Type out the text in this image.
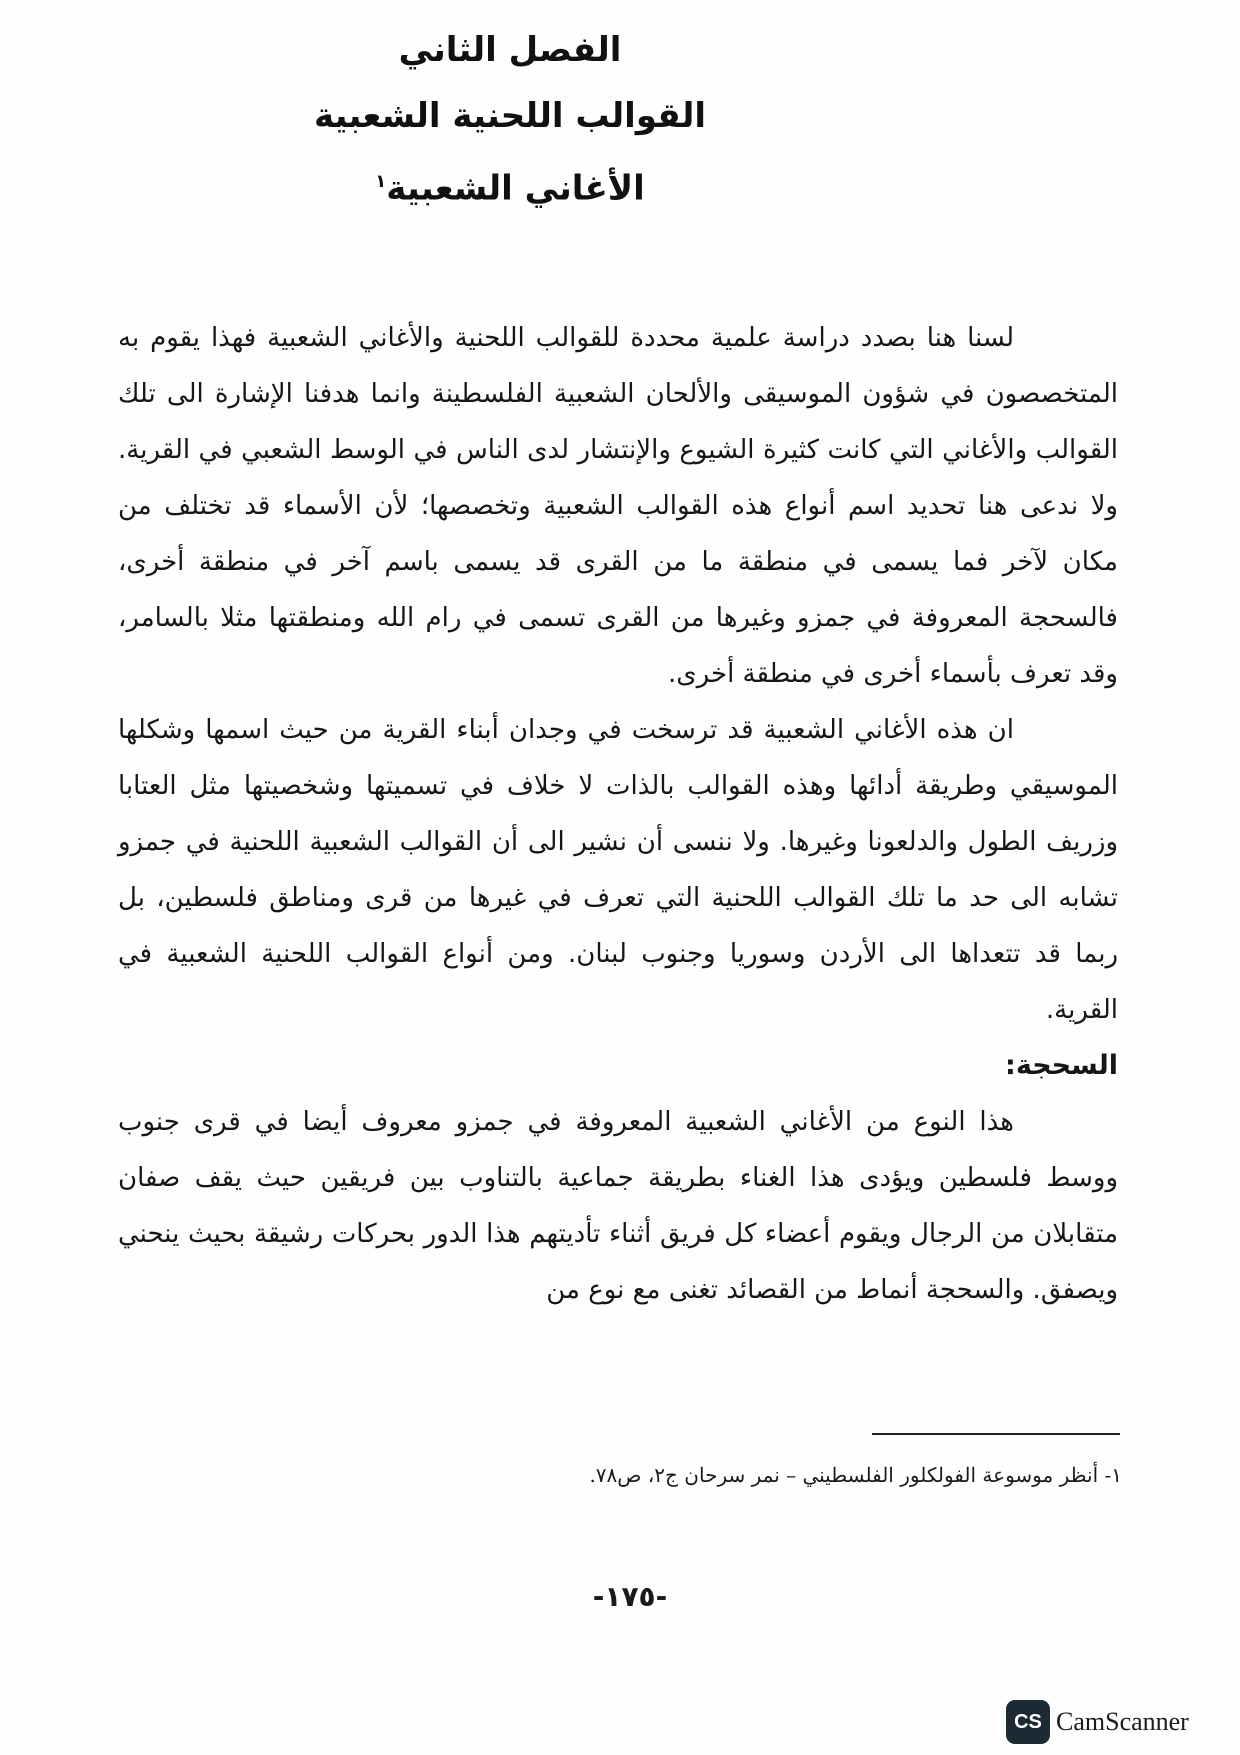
الفصل الثاني
القوالب اللحنية الشعبية
الأغاني الشعبية$^١$

لسنا هنا بصدد دراسة علمية محددة للقوالب اللحنية والأغاني الشعبية فهذا يقوم به المتخصصون في شؤون الموسيقى والألحان الشعبية الفلسطينة وانما هدفنا الإشارة الى تلك القوالب والأغاني التي كانت كثيرة الشيوع والإنتشار لدى الناس في الوسط الشعبي في القرية. ولا ندعى هنا تحديد اسم أنواع هذه القوالب الشعبية وتخصصها؛ لأن الأسماء قد تختلف من مكان لآخر فما يسمى في منطقة ما من القرى قد يسمى باسم آخر في منطقة أخرى، فالسحجة المعروفة في جمزو وغيرها من القرى تسمى في رام الله ومنطقتها مثلا بالسامر، وقد تعرف بأسماء أخرى في منطقة أخرى.

ان هذه الأغاني الشعبية قد ترسخت في وجدان أبناء القرية من حيث اسمها وشكلها الموسيقي وطريقة أدائها وهذه القوالب بالذات لا خلاف في تسميتها وشخصيتها مثل العتابا وزريف الطول والدلعونا وغيرها. ولا ننسى أن نشير الى أن القوالب الشعبية اللحنية في جمزو تشابه الى حد ما تلك القوالب اللحنية التي تعرف في غيرها من قرى ومناطق فلسطين، بل ربما قد تتعداها الى الأردن وسوريا وجنوب لبنان. ومن أنواع القوالب اللحنية الشعبية في القرية.

السحجة:

هذا النوع من الأغاني الشعبية المعروفة في جمزو معروف أيضا في قرى جنوب ووسط فلسطين ويؤدى هذا الغناء بطريقة جماعية بالتناوب بين فريقين حيث يقف صفان متقابلان من الرجال ويقوم أعضاء كل فريق أثناء تأديتهم هذا الدور بحركات رشيقة بحيث ينحني ويصفق. والسحجة أنماط من القصائد تغنى مع نوع من

١- أنظر موسوعة الفولكلور الفلسطيني – نمر سرحان ج٢، ص٧٨.
-١٧٥-
CS CamScanner
